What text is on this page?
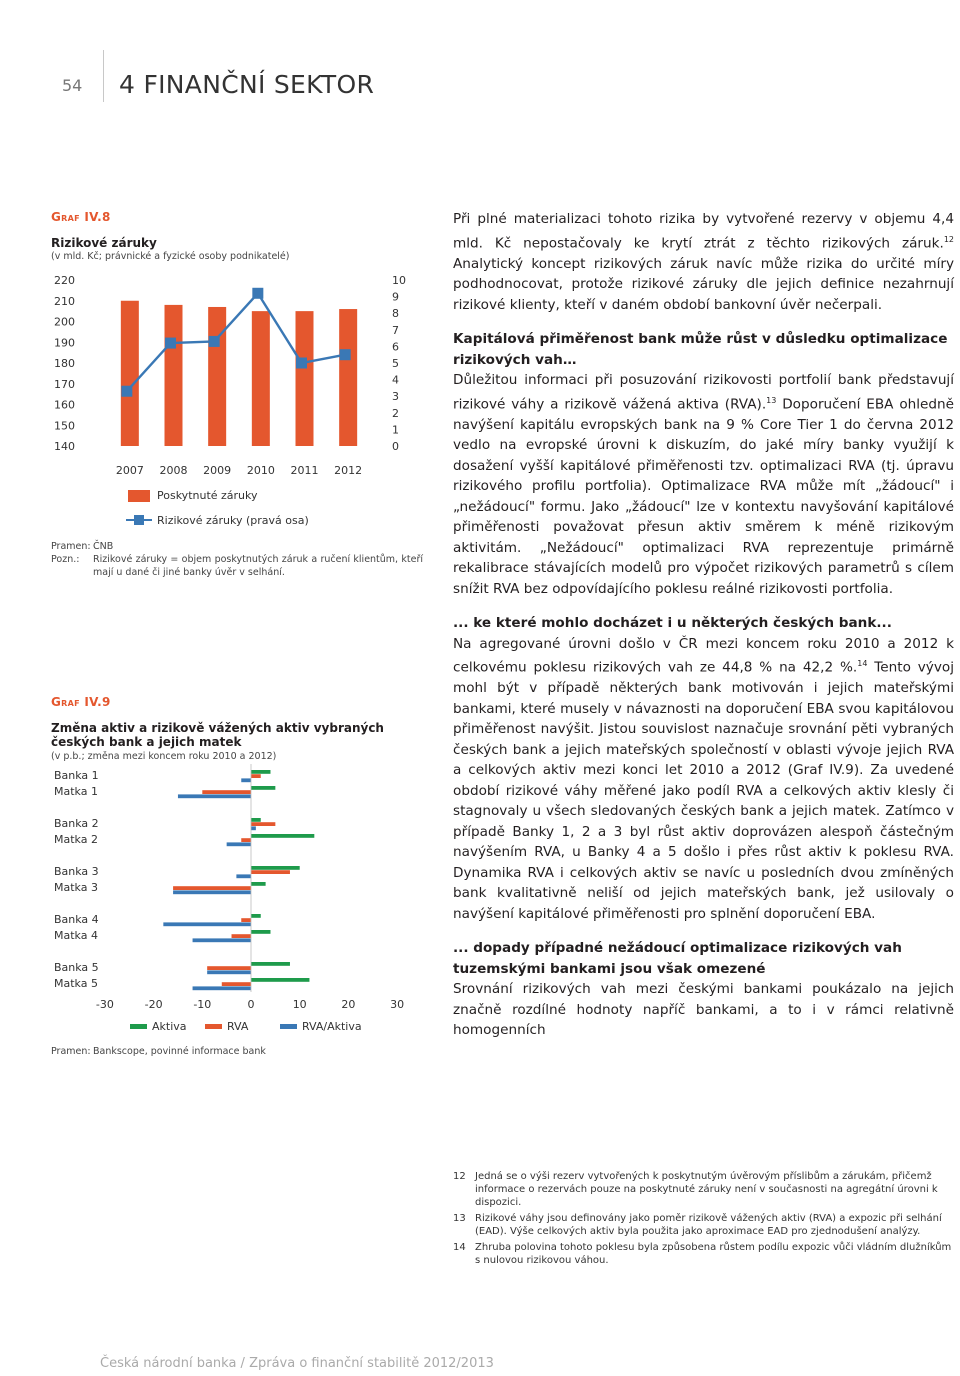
54 4 FINANČNÍ SEKTOR
Graf IV.8
Rizikové záruky
(v mld. Kč; právnické a fyzické osoby podnikatelé)
140
150
160
170
180
190
200
210
220
0
1
2
3
4
5
6
7
8
9
10
2007 2008 2009 2010 2011 2012
Poskytnuté záruky
Rizikové záruky (pravá osa)
Pramen: ČNB
Pozn.: Rizikové záruky = objem poskytnutých záruk a ručení klientům, kteří mají u dané či jiné banky úvěr v selhání.
Graf IV.9
Změna aktiv a rizikově vážených aktiv vybraných českých bank a jejich matek
(v p.b.; změna mezi koncem roku 2010 a 2012)
Banka 1
Matka 1
Banka 2
Matka 2
Banka 3
Matka 3
Banka 4
Matka 4
Banka 5
Matka 5
-30	-20	-10	0	10	20	30
Aktiva	RVA	RVA/Aktiva
Pramen: Bankscope, povinné informace bank

Při plné materializaci tohoto rizika by vytvořené rezervy v objemu 4,4 mld. Kč nepostačovaly ke krytí ztrát z těchto rizikových záruk.$^{12}$ Analytický koncept rizikových záruk navíc může rizika do určité míry podhodnocovat, protože rizikové záruky dle jejich definice nezahrnují rizikové klienty, kteří v daném období bankovní úvěr nečerpali.

Kapitálová přiměřenost bank může růst v důsledku optimalizace rizikových vah…

Důležitou informaci při posuzování rizikovosti portfolií bank představují rizikové váhy a rizikově vážená aktiva (RVA).$^{13}$ Doporučení EBA ohledně navýšení kapitálu evropských bank na 9 % Core Tier 1 do června 2012 vedlo na evropské úrovni k diskuzím, do jaké míry banky využijí k dosažení vyšší kapitálové přiměřenosti tzv. optimalizaci RVA (tj. úpravu rizikového profilu portfolia). Optimalizace RVA může mít „žádoucí" i „nežádoucí" formu. Jako „žádoucí" lze v kontextu navyšování kapitálové přiměřenosti považovat přesun aktiv směrem k méně rizikovým aktivitám. „Nežádoucí" optimalizaci RVA reprezentuje primárně rekalibrace stávajících modelů pro výpočet rizikových parametrů s cílem snížit RVA bez odpovídajícího poklesu reálné rizikovosti portfolia.

... ke které mohlo docházet i u některých českých bank...

Na agregované úrovni došlo v ČR mezi koncem roku 2010 a 2012 k celkovému poklesu rizikových vah ze 44,8 % na 42,2 %.$^{14}$ Tento vývoj mohl být v případě některých bank motivován i jejich mateřskými bankami, které musely v návaznosti na doporučení EBA svou kapitálovou přiměřenost navýšit. Jistou souvislost naznačuje srovnání pěti vybraných českých bank a jejich mateřských společností v oblasti vývoje jejich RVA a celkových aktiv mezi konci let 2010 a 2012 (Graf IV.9). Za uvedené období rizikové váhy měřené jako podíl RVA a celkových aktiv klesly či stagnovaly u všech sledovaných českých bank a jejich matek. Zatímco v případě Banky 1, 2 a 3 byl růst aktiv doprovázen alespoň částečným navýšením RVA, u Banky 4 a 5 došlo i přes růst aktiv k poklesu RVA. Dynamika RVA i celkových aktiv se navíc u posledních dvou zmíněných bank kvalitativně neliší od jejich mateřských bank, jež usilovaly o navýšení kapitálové přiměřenosti pro splnění doporučení EBA.

... dopady případné nežádoucí optimalizace rizikových vah tuzemskými bankami jsou však omezené

Srovnání rizikových vah mezi českými bankami poukázalo na jejich značně rozdílné hodnoty napříč bankami, a to i v rámci relativně homogenních

12 Jedná se o výši rezerv vytvořených k poskytnutým úvěrovým příslibům a zárukám, přičemž informace o rezervách pouze na poskytnuté záruky není v současnosti na agregátní úrovni k dispozici.
13 Rizikové váhy jsou definovány jako poměr rizikově vážených aktiv (RVA) a expozic při selhání (EAD). Výše celkových aktiv byla použita jako aproximace EAD pro zjednodušení analýzy.
14 Zhruba polovina tohoto poklesu byla způsobena růstem podílu expozic vůči vládním dlužníkům s nulovou rizikovou váhou.
Česká národní banka / Zpráva o finanční stabilitě 2012/2013
